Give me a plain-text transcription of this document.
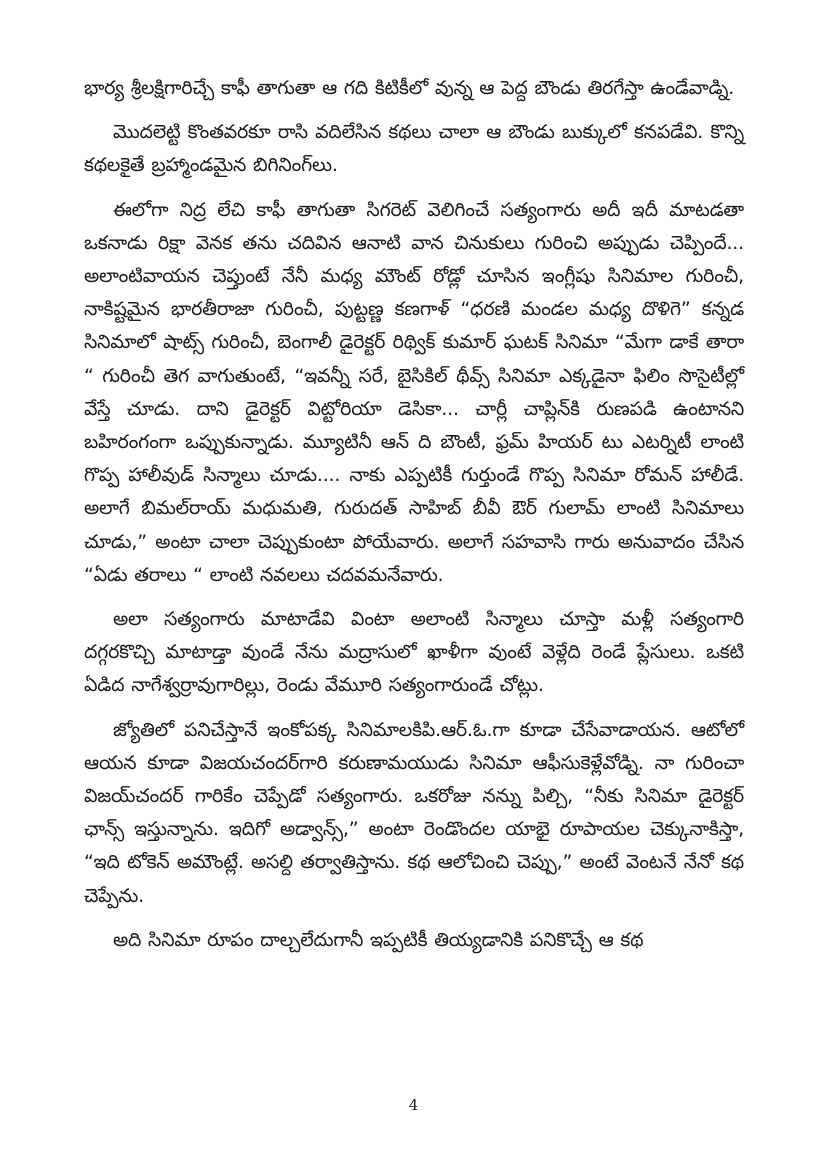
భార్య శ్రీలక్షిగారిచ్చే కాఫీ తాగుతా ఆ గది కిటికీలో వున్న ఆ పెద్ద బౌండు తిరగేస్తా ఉండేవాడ్ని.

మొదలెట్టి కొంతవరకూ రాసి వదిలేసిన కథలు చాలా ఆ బౌండు బుక్కులో కనపడేవి. కొన్ని కథలకైతే బ్రహ్మాండమైన బిగినింగ్‌లు.

ఈలోగా నిద్ర లేచి కాఫీ తాగుతా సిగరెట్ వెలిగించే సత్యంగారు అదీ ఇదీ మాటడతా ఒకనాడు రిక్షా వెనక తను చదివిన ఆనాటి వాన చినుకులు గురించి అప్పుడు చెప్పిందే... అలాంటివాయన చెప్తుంటే నేనీ మధ్య మౌంట్ రోడ్లో చూసిన ఇంగ్లీషు సినిమాల గురించీ, నాకిష్టమైన భారతీరాజా గురించీ, పుట్టణ్ణ కణగాళ్ “ధరణి మండల మధ్య దొళిగె” కన్నడ సినిమాలో షాట్స్ గురించీ, బెంగాలీ డైరెక్టర్ రిథ్విక్ కుమార్ ఘటక్ సినిమా “మేగా డాకే తారా “ గురించీ తెగ వాగుతుంటే, “ఇవన్నీ సరే, బైసికిల్ థీవ్స్ సినిమా ఎక్కడైనా ఫిలిం సొసైటీల్లో వేస్తే చూడు. దాని డైరెక్టర్ విట్టోరియా డెసికా... చార్లీ చాప్లిన్‌కి రుణపడి ఉంటానని బహిరంగంగా ఒప్పుకున్నాడు. మ్యూటినీ ఆన్ ది బౌంటీ, ఫ్రమ్ హియర్ టు ఎటర్నిటీ లాంటి గొప్ప హాలీవుడ్ సిన్మాలు చూడు.... నాకు ఎప్పటికీ గుర్తుండే గొప్ప సినిమా రోమన్ హాలీడే. అలాగే బిమల్‌రాయ్ మధుమతి, గురుదత్ సాహిబ్ బీవీ ఔర్ గులామ్ లాంటి సినిమాలు చూడు,” అంటా చాలా చెప్పుకుంటా పోయేవారు. అలాగే సహవాసి గారు అనువాదం చేసిన “ఏడు తరాలు “ లాంటి నవలలు చదవమనేవారు.

అలా సత్యంగారు మాటాడేవి వింటా అలాంటి సిన్మాలు చూస్తా మళ్లీ సత్యంగారి దగ్గరకొచ్చి మాటాడ్తా వుండే నేను మద్రాసులో ఖాళీగా వుంటే వెళ్లేది రెండే ప్లేసులు. ఒకటి ఏడిద నాగేశ్వర్రావుగారిల్లు, రెండు వేమూరి సత్యంగారుండే చోట్లు.

జ్యోతిలో పనిచేస్తానే ఇంకోపక్క సినిమాలకిపి.ఆర్.ఓ.గా కూడా చేసేవాడాయన. ఆటోలో ఆయన కూడా విజయచందర్‌గారి కరుణామయుడు సినిమా ఆఫీసుకెళ్లేవోడ్ని. నా గురించా విజయ్‌చందర్ గారికేం చెప్పేడో సత్యంగారు. ఒకరోజు నన్ను పిల్చి, “నీకు సినిమా డైరెక్టర్ ఛాన్స్ ఇస్తున్నాను. ఇదిగో అడ్వాన్స్,” అంటా రెండొందల యాభై రూపాయల చెక్కునాకిస్తా, “ఇది టోకెన్ అమౌంట్లే. అసల్ది తర్వాతిస్తాను. కథ ఆలోచించి చెప్పు,” అంటే వెంటనే నేనో కథ చెప్పేను.

అది సినిమా రూపం దాల్చలేదుగానీ ఇప్పటికీ తియ్యడానికి పనికొచ్చే ఆ కథ

4
